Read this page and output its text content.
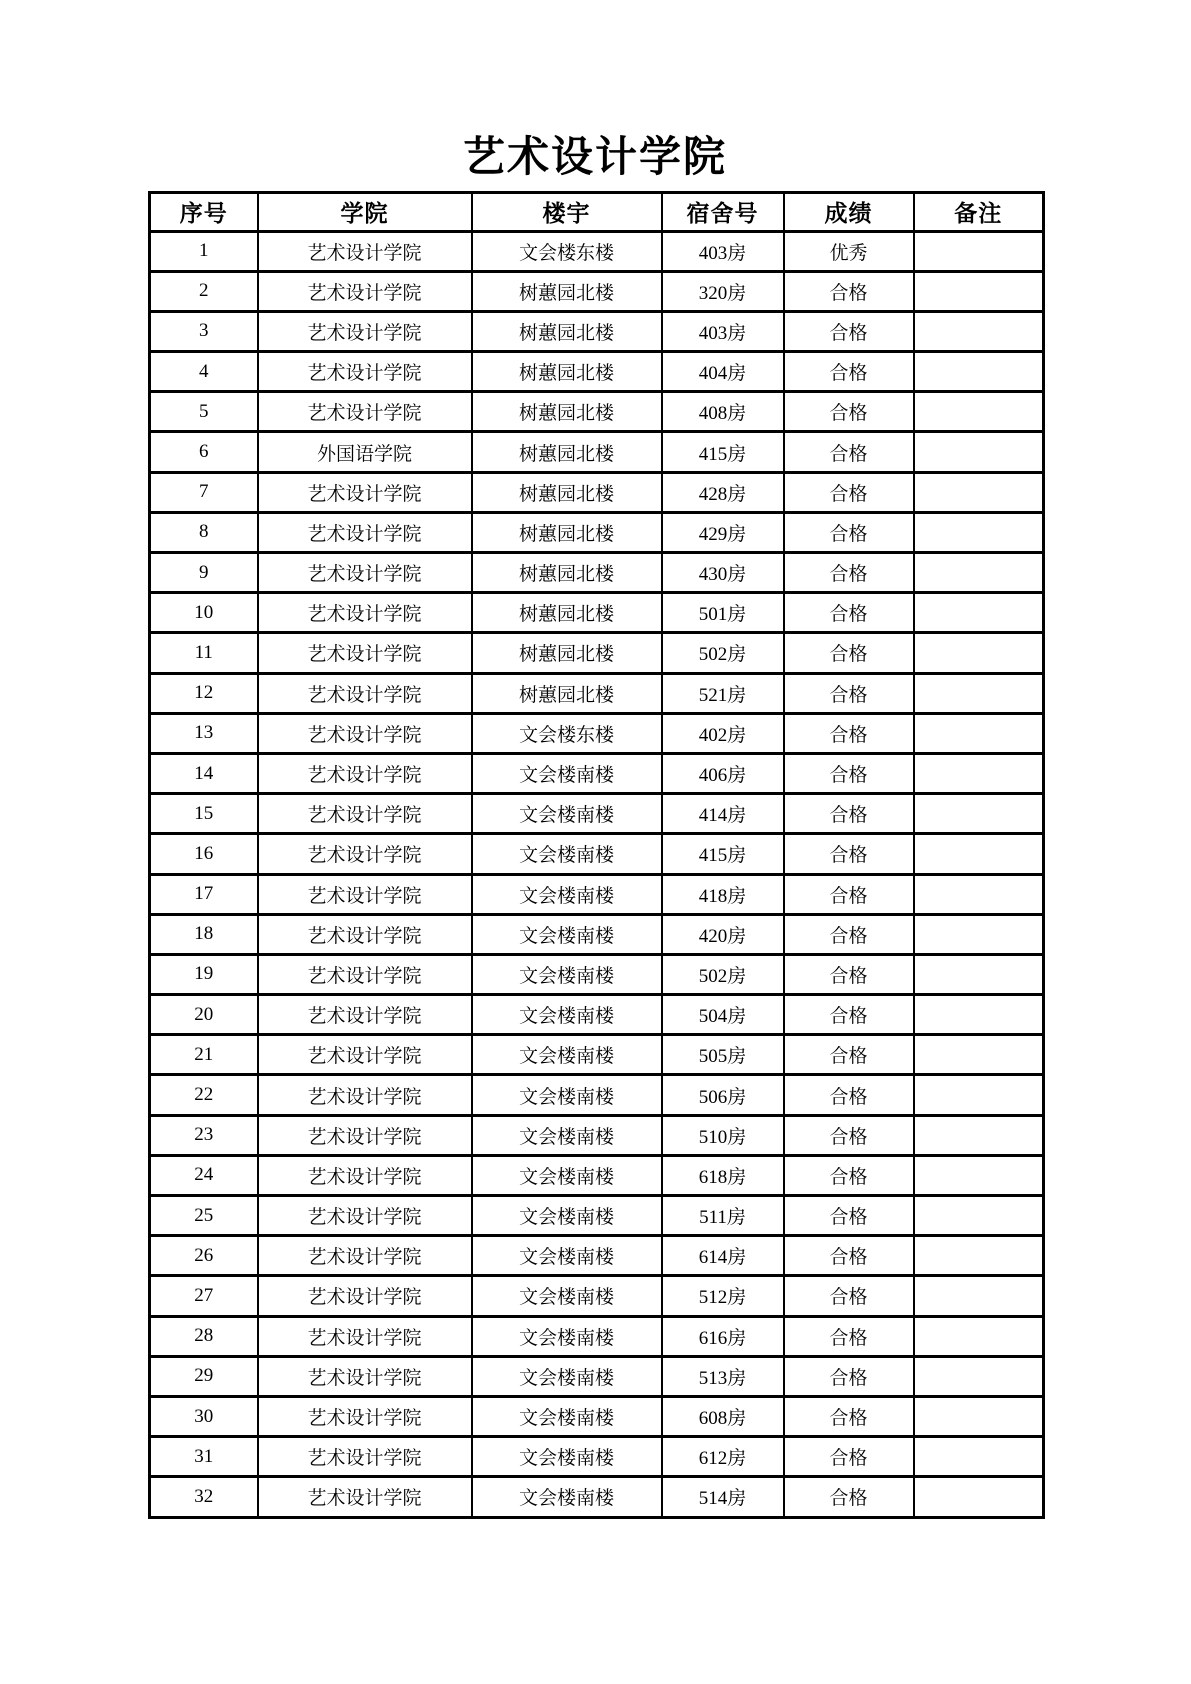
艺术设计学院
序号	学院	楼宇	宿舍号	成绩	备注
1	艺术设计学院	文会楼东楼	403房	优秀	
2	艺术设计学院	树蕙园北楼	320房	合格	
3	艺术设计学院	树蕙园北楼	403房	合格	
4	艺术设计学院	树蕙园北楼	404房	合格	
5	艺术设计学院	树蕙园北楼	408房	合格	
6	外国语学院	树蕙园北楼	415房	合格	
7	艺术设计学院	树蕙园北楼	428房	合格	
8	艺术设计学院	树蕙园北楼	429房	合格	
9	艺术设计学院	树蕙园北楼	430房	合格	
10	艺术设计学院	树蕙园北楼	501房	合格	
11	艺术设计学院	树蕙园北楼	502房	合格	
12	艺术设计学院	树蕙园北楼	521房	合格	
13	艺术设计学院	文会楼东楼	402房	合格	
14	艺术设计学院	文会楼南楼	406房	合格	
15	艺术设计学院	文会楼南楼	414房	合格	
16	艺术设计学院	文会楼南楼	415房	合格	
17	艺术设计学院	文会楼南楼	418房	合格	
18	艺术设计学院	文会楼南楼	420房	合格	
19	艺术设计学院	文会楼南楼	502房	合格	
20	艺术设计学院	文会楼南楼	504房	合格	
21	艺术设计学院	文会楼南楼	505房	合格	
22	艺术设计学院	文会楼南楼	506房	合格	
23	艺术设计学院	文会楼南楼	510房	合格	
24	艺术设计学院	文会楼南楼	618房	合格	
25	艺术设计学院	文会楼南楼	511房	合格	
26	艺术设计学院	文会楼南楼	614房	合格	
27	艺术设计学院	文会楼南楼	512房	合格	
28	艺术设计学院	文会楼南楼	616房	合格	
29	艺术设计学院	文会楼南楼	513房	合格	
30	艺术设计学院	文会楼南楼	608房	合格	
31	艺术设计学院	文会楼南楼	612房	合格	
32	艺术设计学院	文会楼南楼	514房	合格	
